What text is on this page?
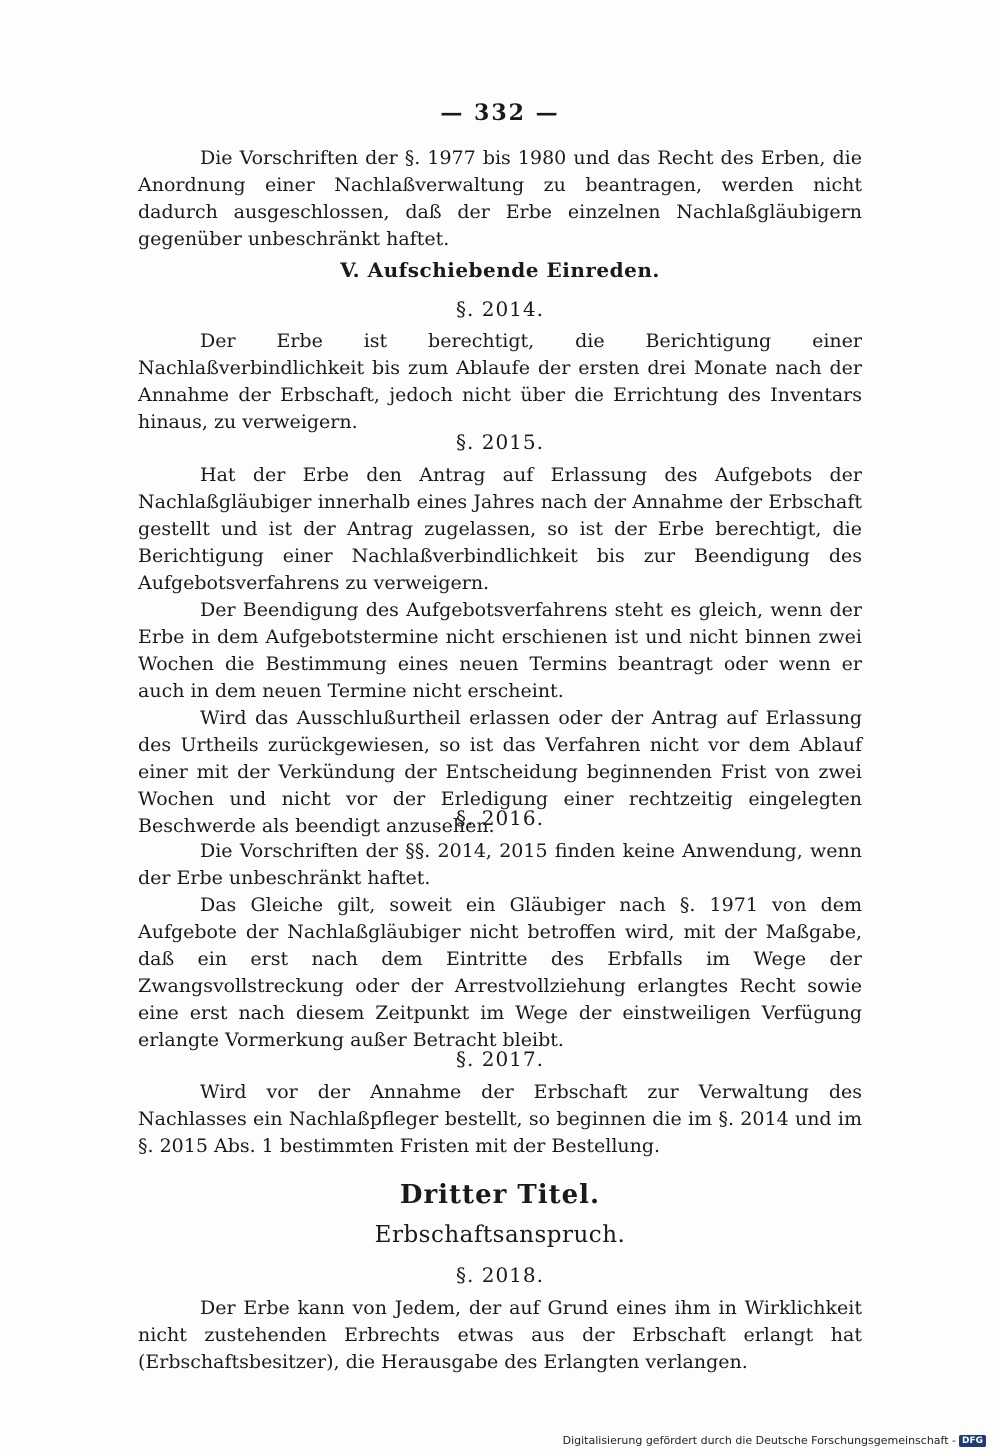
— 332 —

Die Vorschriften der §. 1977 bis 1980 und das Recht des Erben, die Anordnung einer Nachlaßverwaltung zu beantragen, werden nicht dadurch ausgeschlossen, daß der Erbe einzelnen Nachlaßgläubigern gegenüber unbeschränkt haftet.

V. Aufschiebende Einreden.
§. 2014.

Der Erbe ist berechtigt, die Berichtigung einer Nachlaßverbindlichkeit bis zum Ablaufe der ersten drei Monate nach der Annahme der Erbschaft, jedoch nicht über die Errichtung des Inventars hinaus, zu verweigern.

§. 2015.

Hat der Erbe den Antrag auf Erlassung des Aufgebots der Nachlaßgläubiger innerhalb eines Jahres nach der Annahme der Erbschaft gestellt und ist der Antrag zugelassen, so ist der Erbe berechtigt, die Berichtigung einer Nachlaßverbindlichkeit bis zur Beendigung des Aufgebotsverfahrens zu verweigern.

Der Beendigung des Aufgebotsverfahrens steht es gleich, wenn der Erbe in dem Aufgebotstermine nicht erschienen ist und nicht binnen zwei Wochen die Bestimmung eines neuen Termins beantragt oder wenn er auch in dem neuen Termine nicht erscheint.

Wird das Ausschlußurtheil erlassen oder der Antrag auf Erlassung des Urtheils zurückgewiesen, so ist das Verfahren nicht vor dem Ablauf einer mit der Verkündung der Entscheidung beginnenden Frist von zwei Wochen und nicht vor der Erledigung einer rechtzeitig eingelegten Beschwerde als beendigt anzusehen.

§. 2016.

Die Vorschriften der §§. 2014, 2015 finden keine Anwendung, wenn der Erbe unbeschränkt haftet.

Das Gleiche gilt, soweit ein Gläubiger nach §. 1971 von dem Aufgebote der Nachlaßgläubiger nicht betroffen wird, mit der Maßgabe, daß ein erst nach dem Eintritte des Erbfalls im Wege der Zwangsvollstreckung oder der Arrestvollziehung erlangtes Recht sowie eine erst nach diesem Zeitpunkt im Wege der einstweiligen Verfügung erlangte Vormerkung außer Betracht bleibt.

§. 2017.

Wird vor der Annahme der Erbschaft zur Verwaltung des Nachlasses ein Nachlaßpfleger bestellt, so beginnen die im §. 2014 und im §. 2015 Abs. 1 bestimmten Fristen mit der Bestellung.

Dritter Titel.
Erbschaftsanspruch.
§. 2018.

Der Erbe kann von Jedem, der auf Grund eines ihm in Wirklichkeit nicht zustehenden Erbrechts etwas aus der Erbschaft erlangt hat (Erbschaftsbesitzer), die Herausgabe des Erlangten verlangen.

Digitalisierung gefördert durch die Deutsche Forschungsgemeinschaft - DFG
